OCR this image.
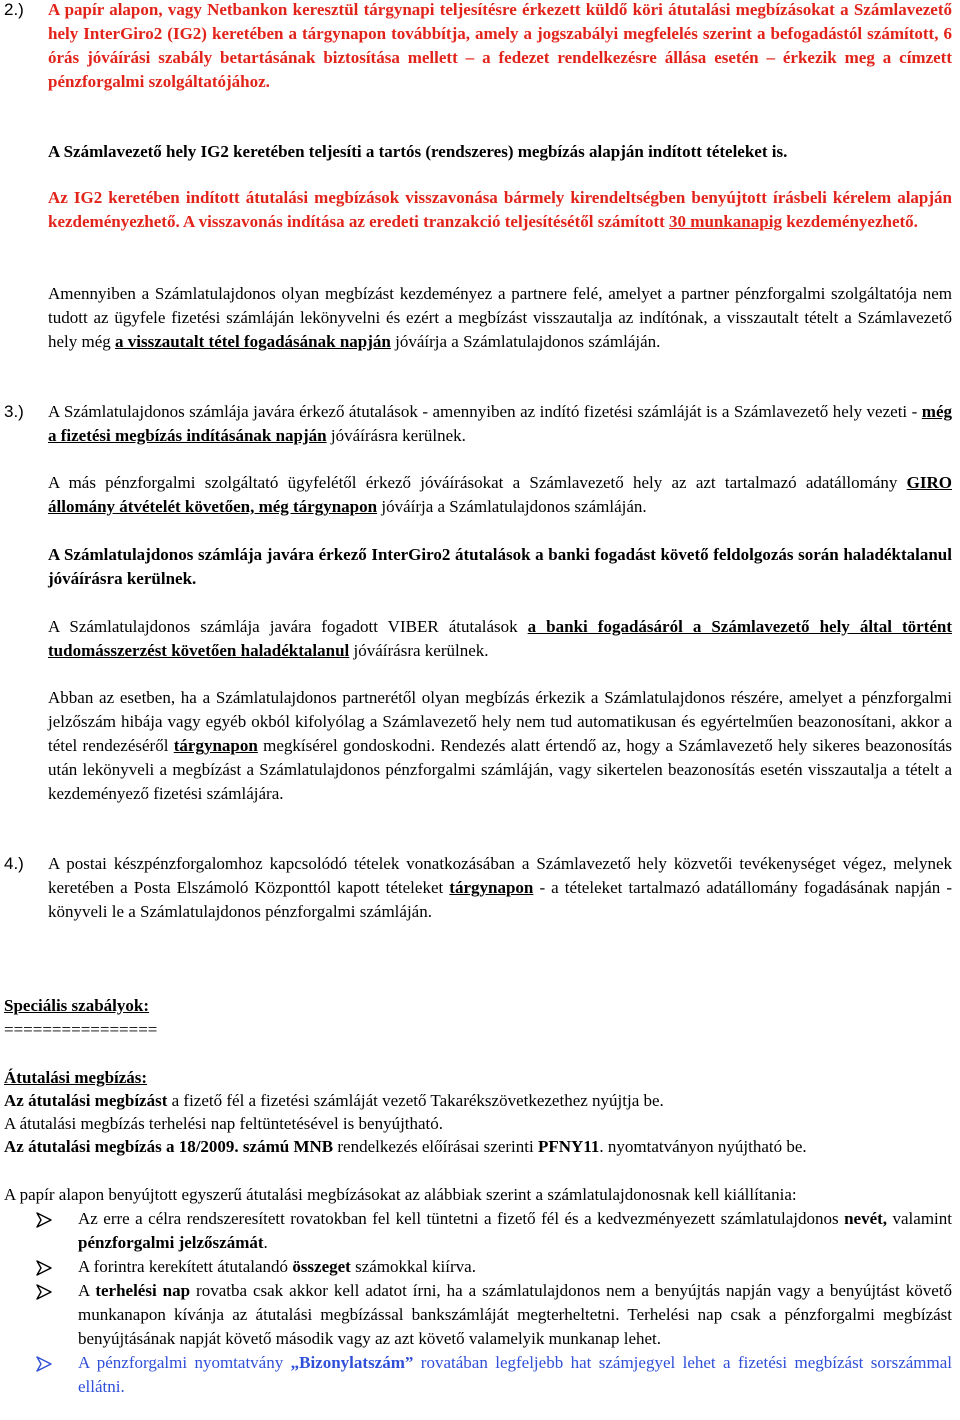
2.) A papír alapon, vagy Netbankon keresztül tárgynapi teljesítésre érkezett küldő köri átutalási megbízásokat a Számlavezető hely InterGiro2 (IG2) keretében a tárgynapon továbbítja, amely a jogszabályi megfelelés szerint a befogadástól számított, 6 órás jóváírási szabály betartásának biztosítása mellett – a fedezet rendelkezésre állása esetén – érkezik meg a címzett pénzforgalmi szolgáltatójához.

A Számlavezető hely IG2 keretében teljesíti a tartós (rendszeres) megbízás alapján indított tételeket is.

Az IG2 keretében indított átutalási megbízások visszavonása bármely kirendeltségben benyújtott írásbeli kérelem alapján kezdeményezhető. A visszavonás indítása az eredeti tranzakció teljesítésétől számított 30 munkanapig kezdeményezhető.

Amennyiben a Számlatulajdonos olyan megbízást kezdeményez a partnere felé, amelyet a partner pénzforgalmi szolgáltatója nem tudott az ügyfele fizetési számláján lekönyvelni és ezért a megbízást visszautalja az indítónak, a visszautalt tételt a Számlavezető hely még a visszautalt tétel fogadásának napján jóváírja a Számlatulajdonos számláján.

3.) A Számlatulajdonos számlája javára érkező átutalások - amennyiben az indító fizetési számláját is a Számlavezető hely vezeti - még a fizetési megbízás indításának napján jóváírásra kerülnek.

A más pénzforgalmi szolgáltató ügyfelétől érkező jóváírásokat a Számlavezető hely az azt tartalmazó adatállomány GIRO állomány átvételét követően, még tárgynapon jóváírja a Számlatulajdonos számláján.

A Számlatulajdonos számlája javára érkező InterGiro2 átutalások a banki fogadást követő feldolgozás során haladéktalanul jóváírásra kerülnek.

A Számlatulajdonos számlája javára fogadott VIBER átutalások a banki fogadásáról a Számlavezető hely által történt tudomásszerzést követően haladéktalanul jóváírásra kerülnek.

Abban az esetben, ha a Számlatulajdonos partnerétől olyan megbízás érkezik a Számlatulajdonos részére, amelyet a pénzforgalmi jelzőszám hibája vagy egyéb okból kifolyólag a Számlavezető hely nem tud automatikusan és egyértelműen beazonosítani, akkor a tétel rendezéséről tárgynapon megkísérel gondoskodni. Rendezés alatt értendő az, hogy a Számlavezető hely sikeres beazonosítás után lekönyveli a megbízást a Számlatulajdonos pénzforgalmi számláján, vagy sikertelen beazonosítás esetén visszautalja a tételt a kezdeményező fizetési számlájára.

4.) A postai készpénzforgalomhoz kapcsolódó tételek vonatkozásában a Számlavezető hely közvetői tevékenységet végez, melynek keretében a Posta Elszámoló Központtól kapott tételeket tárgynapon - a tételeket tartalmazó adatállomány fogadásának napján - könyveli le a Számlatulajdonos pénzforgalmi számláján.

Speciális szabályok:

================

Átutalási megbízás:

Az átutalási megbízást a fizető fél a fizetési számláját vezető Takarékszövetkezethez nyújtja be.

A átutalási megbízás terhelési nap feltüntetésével is benyújtható.

Az átutalási megbízás a 18/2009. számú MNB rendelkezés előírásai szerinti PFNY11. nyomtatványon nyújtható be.

A papír alapon benyújtott egyszerű átutalási megbízásokat az alábbiak szerint a számlatulajdonosnak kell kiállítania:

Az erre a célra rendszeresített rovatokban fel kell tüntetni a fizető fél és a kedvezményezett számlatulajdonos nevét, valamint pénzforgalmi jelzőszámát.
A forintra kerekített átutalandó összeget számokkal kiírva.
A terhelési nap rovatba csak akkor kell adatot írni, ha a számlatulajdonos nem a benyújtás napján vagy a benyújtást követő munkanapon kívánja az átutalási megbízással bankszámláját megterheltetni. Terhelési nap csak a pénzforgalmi megbízást benyújtásának napját követő második vagy az azt követő valamelyik munkanap lehet.
A pénzforgalmi nyomtatvány „Bizonylatszám” rovatában legfeljebb hat számjegyel lehet a fizetési megbízást sorszámmal ellátni.
